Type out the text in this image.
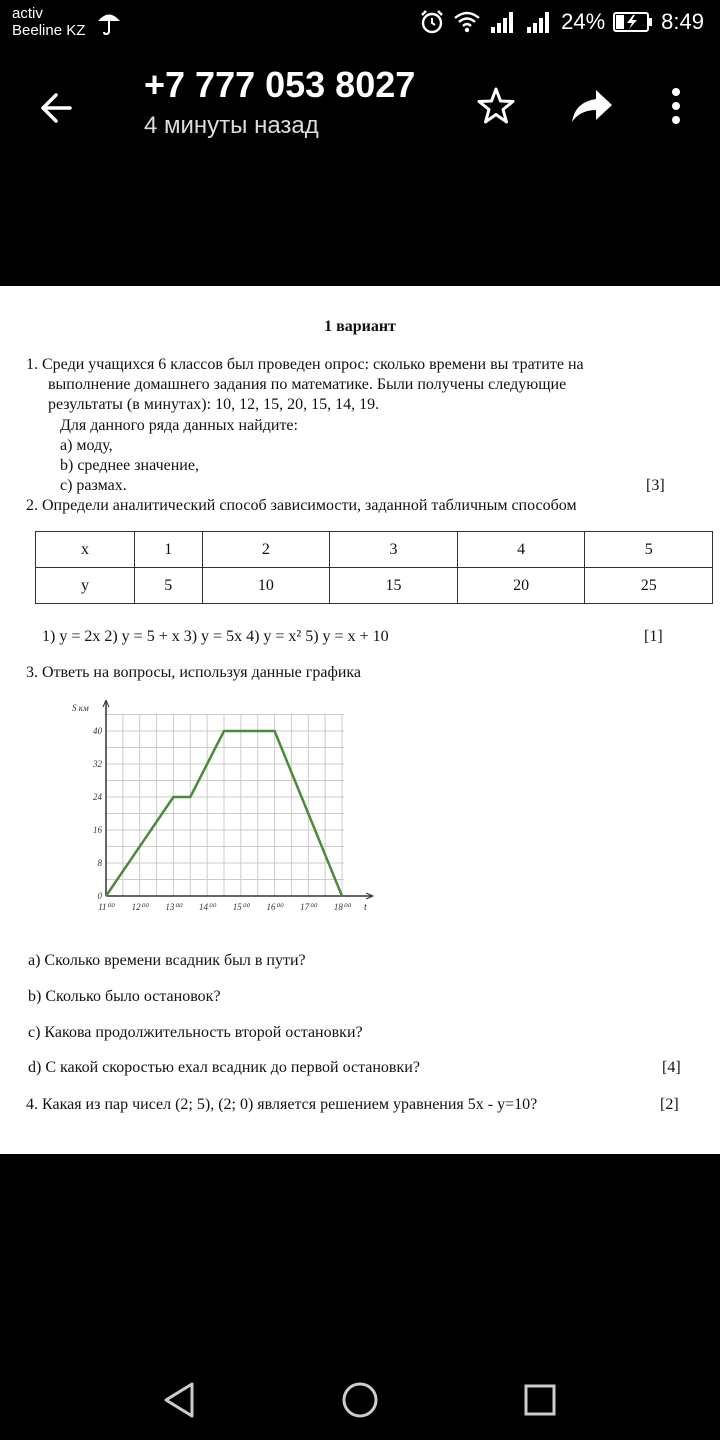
activ
Beeline KZ	24%	8:49
+7 777 053 8027
4 минуты назад
1 вариант
1. Среди учащихся 6 классов был проведен опрос: сколько времени вы тратите на
выполнение домашнего задания по математике. Были получены следующие
результаты (в минутах): 10, 12, 15, 20, 15, 14, 19.
Для данного ряда данных найдите:
a) моду,
b) среднее значение,
c) размах.	[3]
2. Определи аналитический способ зависимости, заданной табличным способом
x	1	2	3	4	5
y	5	10	15	20	25
1) y = 2x 2) y = 5 + x 3) y = 5x 4) y = x² 5) y = x + 10	[1]
3. Ответь на вопросы, используя данные графика
0
8
16
24
32
40
11⁰⁰ 12⁰⁰ 13⁰⁰ 14⁰⁰ 15⁰⁰ 16⁰⁰ 17⁰⁰ 18⁰⁰
S км
t
a) Сколько времени всадник был в пути?
b) Сколько было остановок?
c) Какова продолжительность второй остановки?
d) С какой скоростью ехал всадник до первой остановки?	[4]
4. Какая из пар чисел (2; 5), (2; 0) является решением уравнения 5x - y=10?	[2]
